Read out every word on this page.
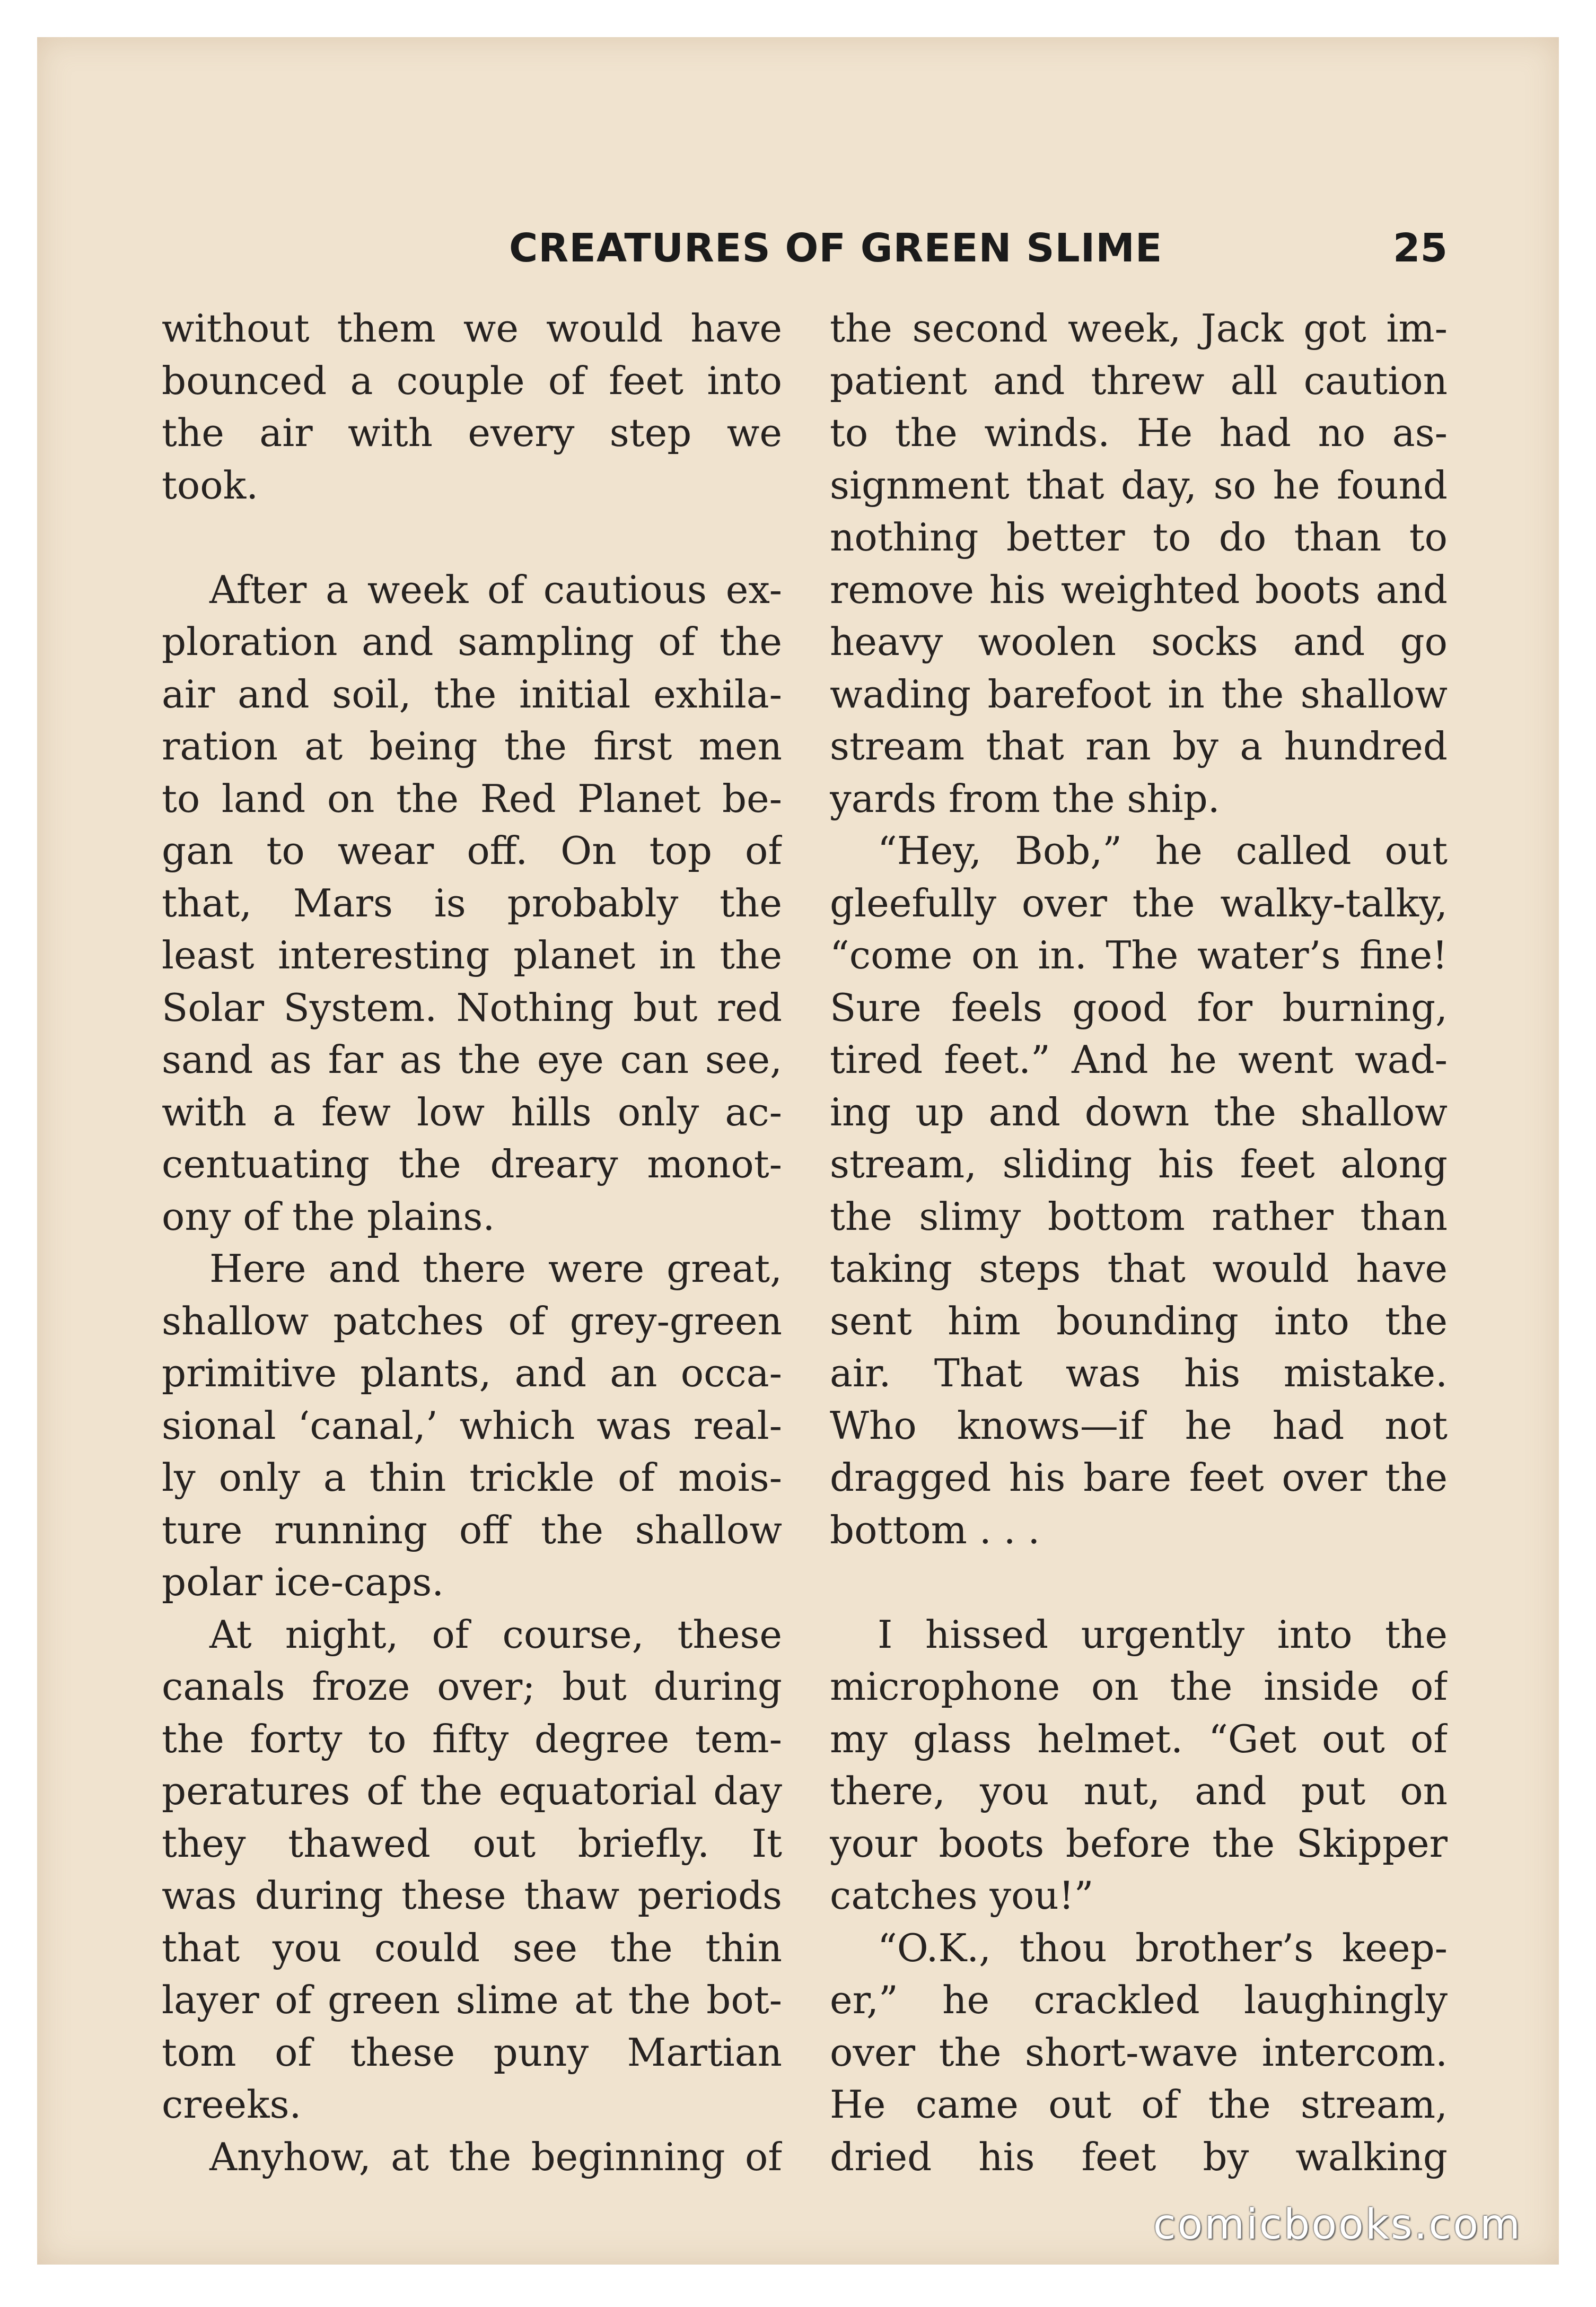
CREATURES OF GREEN SLIME	25
without them we would have
bounced a couple of feet into
the air with every step we
took.
After a week of cautious ex-
ploration and sampling of the
air and soil, the initial exhila-
ration at being the first men
to land on the Red Planet be-
gan to wear off. On top of
that, Mars is probably the
least interesting planet in the
Solar System. Nothing but red
sand as far as the eye can see,
with a few low hills only ac-
centuating the dreary monot-
ony of the plains.
Here and there were great,
shallow patches of grey-green
primitive plants, and an occa-
sional ‘canal,’ which was real-
ly only a thin trickle of mois-
ture running off the shallow
polar ice-caps.
At night, of course, these
canals froze over; but during
the forty to fifty degree tem-
peratures of the equatorial day
they thawed out briefly. It
was during these thaw periods
that you could see the thin
layer of green slime at the bot-
tom of these puny Martian
creeks.
Anyhow, at the beginning of
the second week, Jack got im-
patient and threw all caution
to the winds. He had no as-
signment that day, so he found
nothing better to do than to
remove his weighted boots and
heavy woolen socks and go
wading barefoot in the shallow
stream that ran by a hundred
yards from the ship.
“Hey, Bob,” he called out
gleefully over the walky-talky,
“come on in. The water’s fine!
Sure feels good for burning,
tired feet.” And he went wad-
ing up and down the shallow
stream, sliding his feet along
the slimy bottom rather than
taking steps that would have
sent him bounding into the
air. That was his mistake.
Who knows—if he had not
dragged his bare feet over the
bottom . . .
I hissed urgently into the
microphone on the inside of
my glass helmet. “Get out of
there, you nut, and put on
your boots before the Skipper
catches you!”
“O.K., thou brother’s keep-
er,” he crackled laughingly
over the short-wave intercom.
He came out of the stream,
dried his feet by walking
comicbooks.com
